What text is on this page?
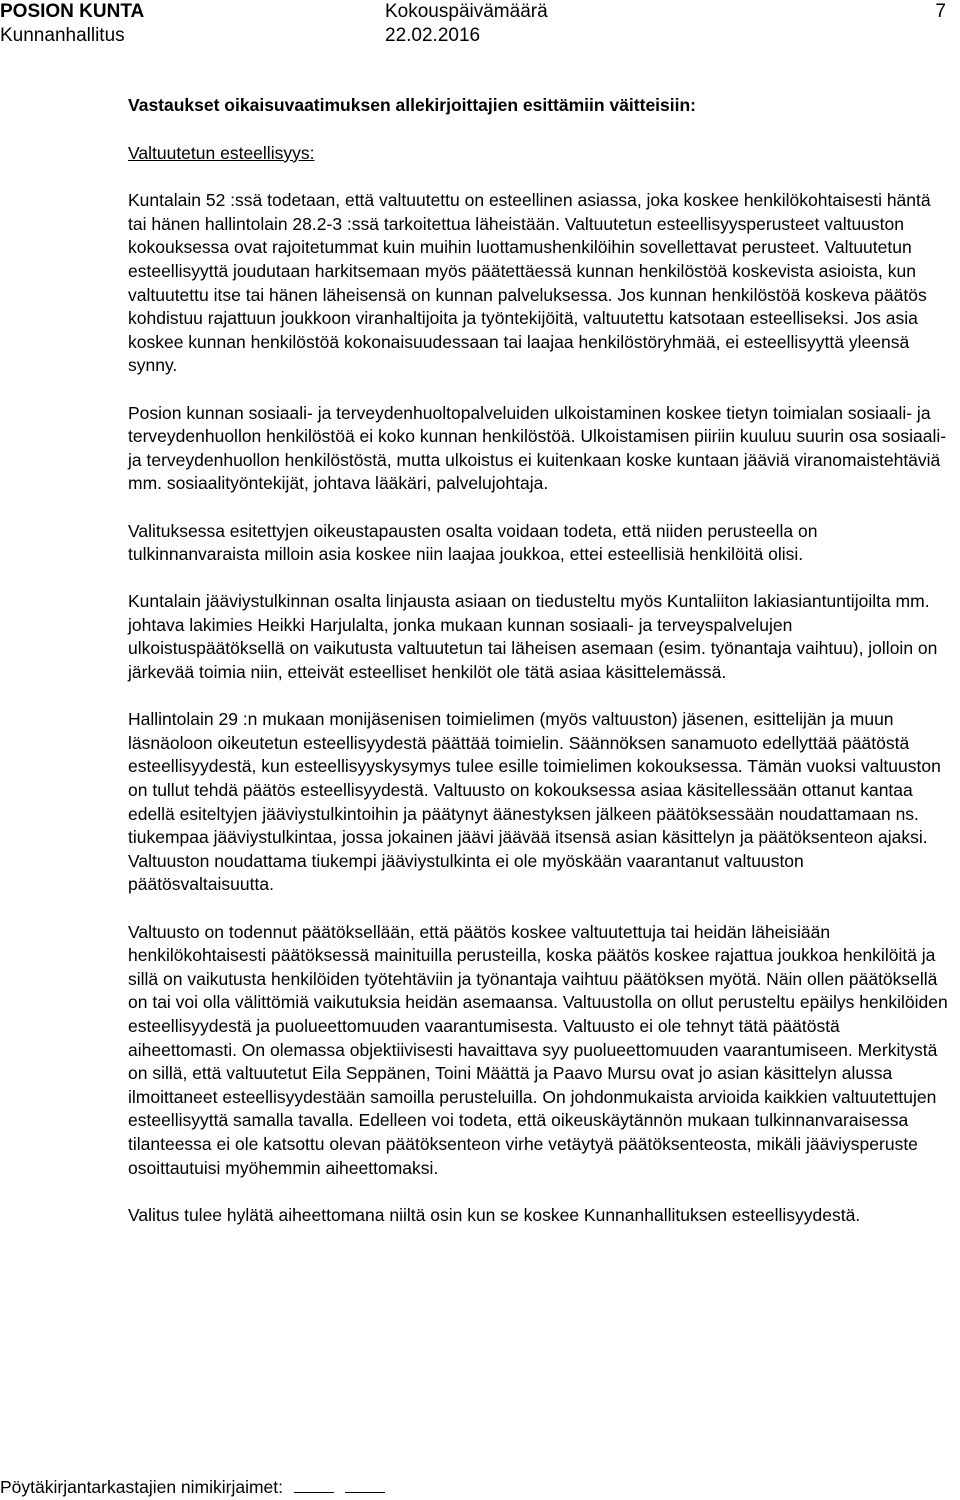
POSION KUNTA	Kokouspäivämäärä	7
Kunnanhallitus	22.02.2016

Vastaukset oikaisuvaatimuksen allekirjoittajien esittämiin väitteisiin:

Valtuutetun esteellisyys:

Kuntalain 52 :ssä todetaan, että valtuutettu on esteellinen asiassa, joka koskee henkilökohtaisesti häntä tai hänen hallintolain 28.2-3 :ssä tarkoitettua läheistään. Valtuutetun esteellisyysperusteet valtuuston kokouksessa ovat rajoitetummat kuin muihin luottamushenkilöihin sovellettavat perusteet. Valtuutetun esteellisyyttä joudutaan harkitsemaan myös päätettäessä kunnan henkilöstöä koskevista asioista, kun valtuutettu itse tai hänen läheisensä on kunnan palveluksessa. Jos kunnan henkilöstöä koskeva päätös kohdistuu rajattuun joukkoon viranhaltijoita ja työntekijöitä, valtuutettu katsotaan esteelliseksi. Jos asia koskee kunnan henkilöstöä kokonaisuudessaan tai laajaa henkilöstöryhmää, ei esteellisyyttä yleensä synny.

Posion kunnan sosiaali- ja terveydenhuoltopalveluiden ulkoistaminen koskee tietyn toimialan sosiaali- ja terveydenhuollon henkilöstöä ei koko kunnan henkilöstöä. Ulkoistamisen piiriin kuuluu suurin osa sosiaali- ja terveydenhuollon henkilöstöstä, mutta ulkoistus ei kuitenkaan koske kuntaan jääviä viranomaistehtäviä mm. sosiaalityöntekijät, johtava lääkäri, palvelujohtaja.

Valituksessa esitettyjen oikeustapausten osalta voidaan todeta, että niiden perusteella on tulkinnanvaraista milloin asia koskee niin laajaa joukkoa, ettei esteellisiä henkilöitä olisi.

Kuntalain jääviystulkinnan osalta linjausta asiaan on tiedusteltu myös Kuntaliiton lakiasiantuntijoilta mm. johtava lakimies Heikki Harjulalta, jonka mukaan kunnan sosiaali- ja terveyspalvelujen ulkoistuspäätöksellä on vaikutusta valtuutetun tai läheisen asemaan (esim. työnantaja vaihtuu), jolloin on järkevää toimia niin, etteivät esteelliset henkilöt ole tätä asiaa käsittelemässä.

Hallintolain 29 :n mukaan monijäsenisen toimielimen (myös valtuuston) jäsenen, esittelijän ja muun läsnäoloon oikeutetun esteellisyydestä päättää toimielin. Säännöksen sanamuoto edellyttää päätöstä esteellisyydestä, kun esteellisyyskysymys tulee esille toimielimen kokouksessa. Tämän vuoksi valtuuston on tullut tehdä päätös esteellisyydestä. Valtuusto on kokouksessa asiaa käsitellessään ottanut kantaa edellä esiteltyjen jääviystulkintoihin ja päätynyt äänestyksen jälkeen päätöksessään noudattamaan ns. tiukempaa jääviystulkintaa, jossa jokainen jäävi jäävää itsensä asian käsittelyn ja päätöksenteon ajaksi. Valtuuston noudattama tiukempi jääviystulkinta ei ole myöskään vaarantanut valtuuston päätösvaltaisuutta.

Valtuusto on todennut päätöksellään, että päätös koskee valtuutettuja tai heidän läheisiään henkilökohtaisesti päätöksessä mainituilla perusteilla, koska päätös koskee rajattua joukkoa henkilöitä ja sillä on vaikutusta henkilöiden työtehtäviin ja työnantaja vaihtuu päätöksen myötä. Näin ollen päätöksellä on tai voi olla välittömiä vaikutuksia heidän asemaansa. Valtuustolla on ollut perusteltu epäilys henkilöiden esteellisyydestä ja puolueettomuuden vaarantumisesta. Valtuusto ei ole tehnyt tätä päätöstä aiheettomasti. On olemassa objektiivisesti havaittava syy puolueettomuuden vaarantumiseen. Merkitystä on sillä, että valtuutetut Eila Seppänen, Toini Määttä ja Paavo Mursu ovat jo asian käsittelyn alussa ilmoittaneet esteellisyydestään samoilla perusteluilla. On johdonmukaista arvioida kaikkien valtuutettujen esteellisyyttä samalla tavalla. Edelleen voi todeta, että oikeuskäytännön mukaan tulkinnanvaraisessa tilanteessa ei ole katsottu olevan päätöksenteon virhe vetäytyä päätöksenteosta, mikäli jääviysperuste osoittautuisi myöhemmin aiheettomaksi.

Valitus tulee hylätä aiheettomana niiltä osin kun se koskee Kunnanhallituksen esteellisyydestä.

Pöytäkirjantarkastajien nimikirjaimet:
